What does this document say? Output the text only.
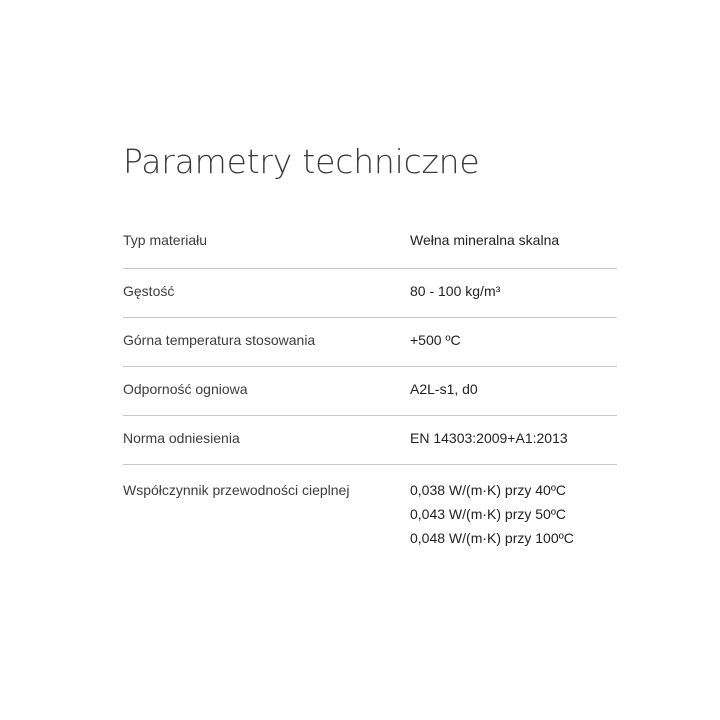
Parametry techniczne
Typ materiału	Wełna mineralna skalna
Gęstość	80 - 100 kg/m³
Górna temperatura stosowania	+500 ºC
Odporność ogniowa	A2L-s1, d0
Norma odniesienia	EN 14303:2009+A1:2013
Współczynnik przewodności cieplnej	0,038 W/(m·K) przy 40ºC
0,043 W/(m·K) przy 50ºC
0,048 W/(m·K) przy 100ºC
